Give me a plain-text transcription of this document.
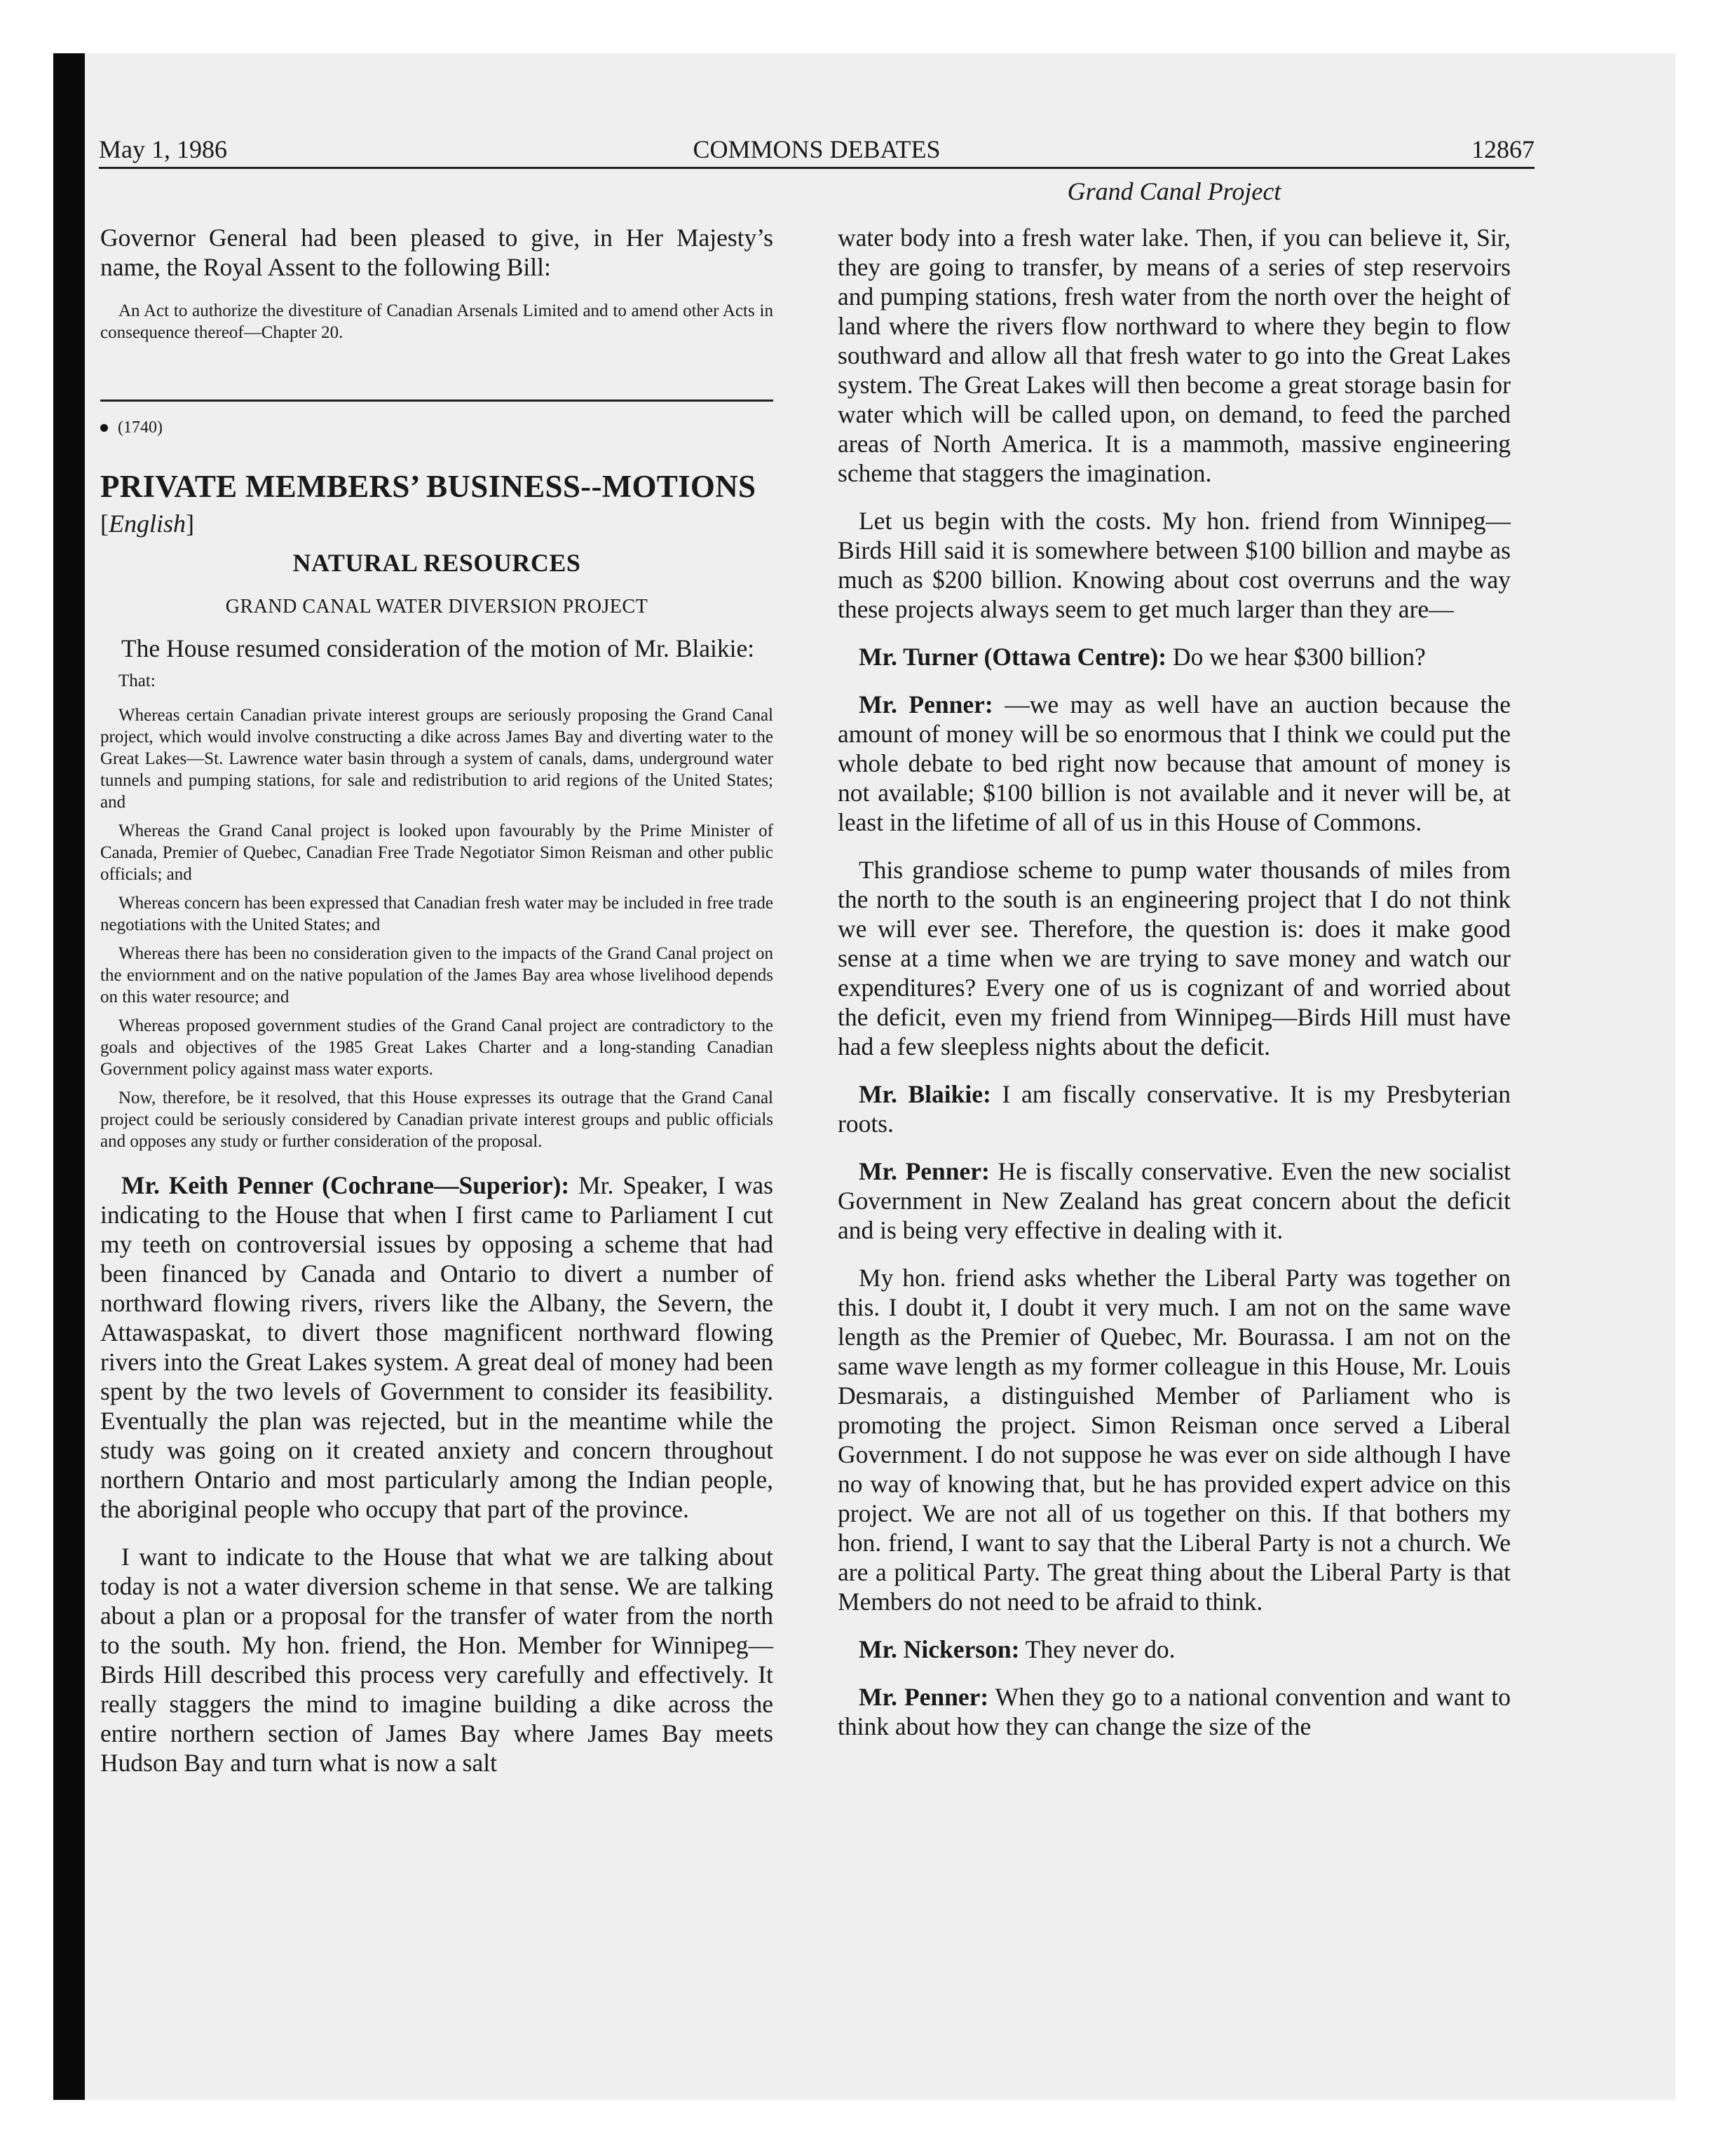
May 1, 1986	COMMONS DEBATES	12867
Grand Canal Project

Governor General had been pleased to give, in Her Majesty’s name, the Royal Assent to the following Bill:

An Act to authorize the divestiture of Canadian Arsenals Limited and to amend other Acts in consequence thereof—Chapter 20.

(1740)
PRIVATE MEMBERS’ BUSINESS--MOTIONS
[English]
NATURAL RESOURCES
GRAND CANAL WATER DIVERSION PROJECT

The House resumed consideration of the motion of Mr. Blaikie:

That:

Whereas certain Canadian private interest groups are seriously proposing the Grand Canal project, which would involve constructing a dike across James Bay and diverting water to the Great Lakes—St. Lawrence water basin through a system of canals, dams, underground water tunnels and pumping stations, for sale and redistribution to arid regions of the United States; and

Whereas the Grand Canal project is looked upon favourably by the Prime Minister of Canada, Premier of Quebec, Canadian Free Trade Negotiator Simon Reisman and other public officials; and

Whereas concern has been expressed that Canadian fresh water may be included in free trade negotiations with the United States; and

Whereas there has been no consideration given to the impacts of the Grand Canal project on the enviornment and on the native population of the James Bay area whose livelihood depends on this water resource; and

Whereas proposed government studies of the Grand Canal project are contradictory to the goals and objectives of the 1985 Great Lakes Charter and a long-standing Canadian Government policy against mass water exports.

Now, therefore, be it resolved, that this House expresses its outrage that the Grand Canal project could be seriously considered by Canadian private interest groups and public officials and opposes any study or further consideration of the proposal.

Mr. Keith Penner (Cochrane—Superior): Mr. Speaker, I was indicating to the House that when I first came to Parliament I cut my teeth on controversial issues by opposing a scheme that had been financed by Canada and Ontario to divert a number of northward flowing rivers, rivers like the Albany, the Severn, the Attawaspaskat, to divert those magnificent northward flowing rivers into the Great Lakes system. A great deal of money had been spent by the two levels of Government to consider its feasibility. Eventually the plan was rejected, but in the meantime while the study was going on it created anxiety and concern throughout northern Ontario and most particularly among the Indian people, the aboriginal people who occupy that part of the province.

I want to indicate to the House that what we are talking about today is not a water diversion scheme in that sense. We are talking about a plan or a proposal for the transfer of water from the north to the south. My hon. friend, the Hon. Member for Winnipeg—Birds Hill described this process very carefully and effectively. It really staggers the mind to imagine building a dike across the entire northern section of James Bay where James Bay meets Hudson Bay and turn what is now a salt

water body into a fresh water lake. Then, if you can believe it, Sir, they are going to transfer, by means of a series of step reservoirs and pumping stations, fresh water from the north over the height of land where the rivers flow northward to where they begin to flow southward and allow all that fresh water to go into the Great Lakes system. The Great Lakes will then become a great storage basin for water which will be called upon, on demand, to feed the parched areas of North America. It is a mammoth, massive engineering scheme that staggers the imagination.

Let us begin with the costs. My hon. friend from Winnipeg—Birds Hill said it is somewhere between $100 billion and maybe as much as $200 billion. Knowing about cost overruns and the way these projects always seem to get much larger than they are—

Mr. Turner (Ottawa Centre): Do we hear $300 billion?

Mr. Penner: —we may as well have an auction because the amount of money will be so enormous that I think we could put the whole debate to bed right now because that amount of money is not available; $100 billion is not available and it never will be, at least in the lifetime of all of us in this House of Commons.

This grandiose scheme to pump water thousands of miles from the north to the south is an engineering project that I do not think we will ever see. Therefore, the question is: does it make good sense at a time when we are trying to save money and watch our expenditures? Every one of us is cognizant of and worried about the deficit, even my friend from Winnipeg—Birds Hill must have had a few sleepless nights about the deficit.

Mr. Blaikie: I am fiscally conservative. It is my Presbyterian roots.

Mr. Penner: He is fiscally conservative. Even the new socialist Government in New Zealand has great concern about the deficit and is being very effective in dealing with it.

My hon. friend asks whether the Liberal Party was together on this. I doubt it, I doubt it very much. I am not on the same wave length as the Premier of Quebec, Mr. Bourassa. I am not on the same wave length as my former colleague in this House, Mr. Louis Desmarais, a distinguished Member of Parliament who is promoting the project. Simon Reisman once served a Liberal Government. I do not suppose he was ever on side although I have no way of knowing that, but he has provided expert advice on this project. We are not all of us together on this. If that bothers my hon. friend, I want to say that the Liberal Party is not a church. We are a political Party. The great thing about the Liberal Party is that Members do not need to be afraid to think.

Mr. Nickerson: They never do.

Mr. Penner: When they go to a national convention and want to think about how they can change the size of the
